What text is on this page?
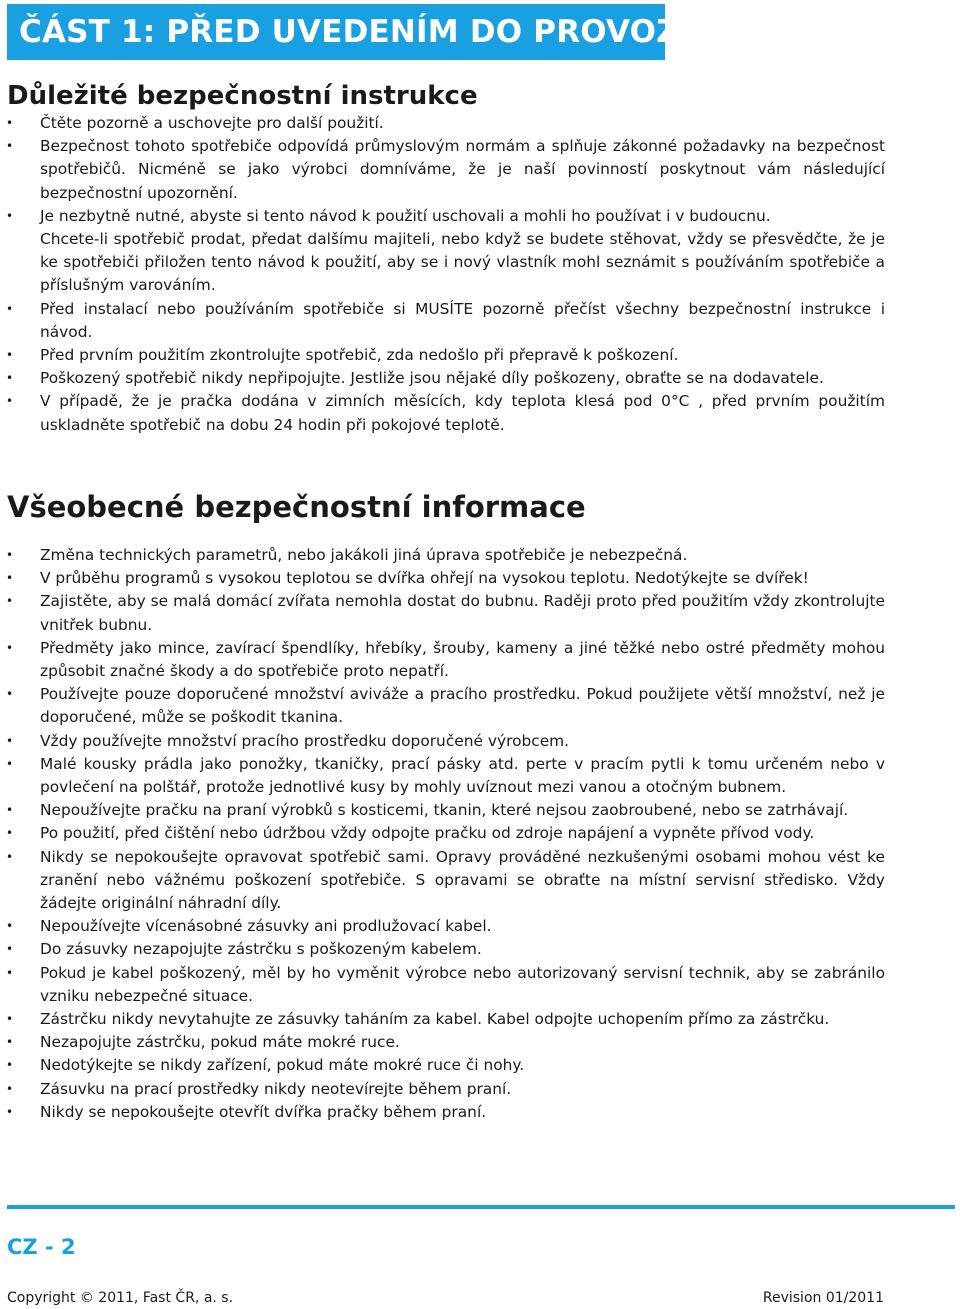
ČÁST 1: PŘED UVEDENÍM DO PROVOZU
Důležité bezpečnostní instrukce
• Čtěte pozorně a uschovejte pro další použití.
• Bezpečnost tohoto spotřebiče odpovídá průmyslovým normám a splňuje zákonné požadavky na bezpečnost spotřebičů. Nicméně se jako výrobci domníváme, že je naší povinností poskytnout vám následující bezpečnostní upozornění.
• Je nezbytně nutné, abyste si tento návod k použití uschovali a mohli ho používat i v budoucnu.
Chcete-li spotřebič prodat, předat dalšímu majiteli, nebo když se budete stěhovat, vždy se přesvědčte, že je ke spotřebiči přiložen tento návod k použití, aby se i nový vlastník mohl seznámit s používáním spotřebiče a příslušným varováním.
• Před instalací nebo používáním spotřebiče si MUSÍTE pozorně přečíst všechny bezpečnostní instrukce i návod.
• Před prvním použitím zkontrolujte spotřebič, zda nedošlo při přepravě k poškození.
• Poškozený spotřebič nikdy nepřipojujte. Jestliže jsou nějaké díly poškozeny, obraťte se na dodavatele.
• V případě, že je pračka dodána v zimních měsících, kdy teplota klesá pod 0°C , před prvním použitím uskladněte spotřebič na dobu 24 hodin při pokojové teplotě.
Všeobecné bezpečnostní informace
• Změna technických parametrů, nebo jakákoli jiná úprava spotřebiče je nebezpečná.
• V průběhu programů s vysokou teplotou se dvířka ohřejí na vysokou teplotu. Nedotýkejte se dvířek!
• Zajistěte, aby se malá domácí zvířata nemohla dostat do bubnu. Raději proto před použitím vždy zkontrolujte vnitřek bubnu.
• Předměty jako mince, zavírací špendlíky, hřebíky, šrouby, kameny a jiné těžké nebo ostré předměty mohou způsobit značné škody a do spotřebiče proto nepatří.
• Používejte pouze doporučené množství aviváže a pracího prostředku. Pokud použijete větší množství, než je doporučené, může se poškodit tkanina.
• Vždy používejte množství pracího prostředku doporučené výrobcem.
• Malé kousky prádla jako ponožky, tkaničky, prací pásky atd. perte v pracím pytli k tomu určeném nebo v povlečení na polštář, protože jednotlivé kusy by mohly uvíznout mezi vanou a otočným bubnem.
• Nepoužívejte pračku na praní výrobků s kosticemi, tkanin, které nejsou zaobroubené, nebo se zatrhávají.
• Po použití, před čištění nebo údržbou vždy odpojte pračku od zdroje napájení a vypněte přívod vody.
• Nikdy se nepokoušejte opravovat spotřebič sami. Opravy prováděné nezkušenými osobami mohou vést ke zranění nebo vážnému poškození spotřebiče. S opravami se obraťte na místní servisní středisko. Vždy žádejte originální náhradní díly.
• Nepoužívejte vícenásobné zásuvky ani prodlužovací kabel.
• Do zásuvky nezapojujte zástrčku s poškozeným kabelem.
• Pokud je kabel poškozený, měl by ho vyměnit výrobce nebo autorizovaný servisní technik, aby se zabránilo vzniku nebezpečné situace.
• Zástrčku nikdy nevytahujte ze zásuvky taháním za kabel. Kabel odpojte uchopením přímo za zástrčku.
• Nezapojujte zástrčku, pokud máte mokré ruce.
• Nedotýkejte se nikdy zařízení, pokud máte mokré ruce či nohy.
• Zásuvku na prací prostředky nikdy neotevírejte během praní.
• Nikdy se nepokoušejte otevřít dvířka pračky během praní.
CZ - 2
Copyright © 2011, Fast ČR, a. s.	Revision 01/2011
